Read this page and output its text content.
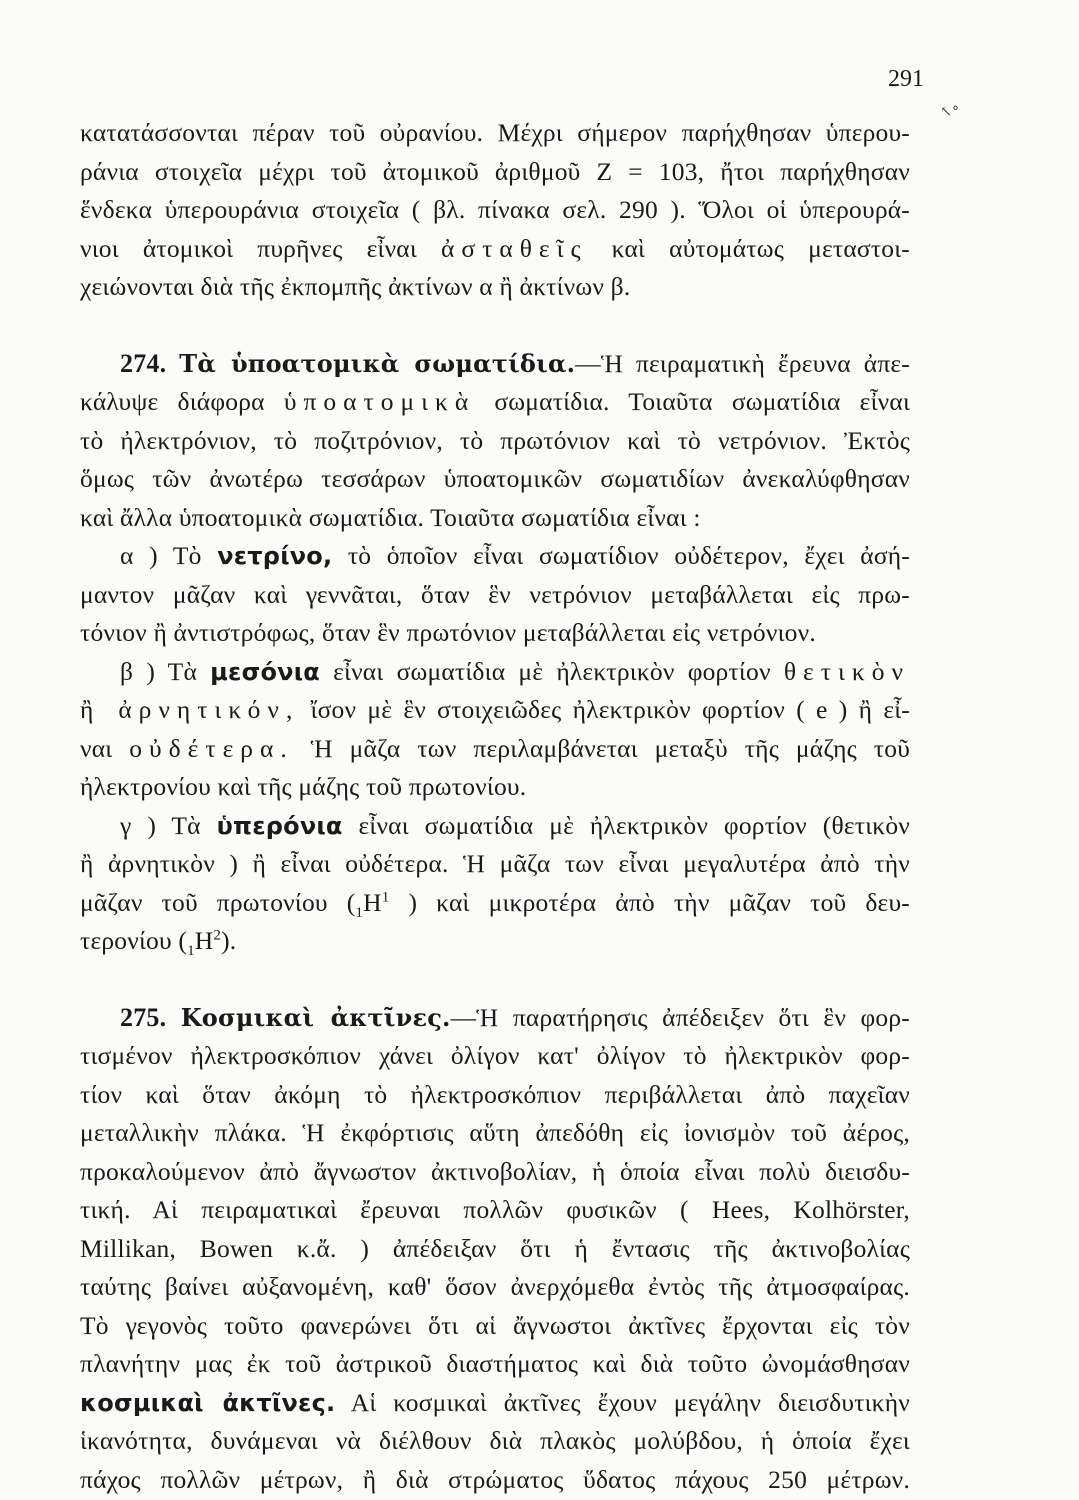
291
↖°

κατατάσσονται πέραν τοῦ οὐρανίου. Μέχρι σήμερον παρήχθησαν ὑπερου-
ράνια στοιχεῖα μέχρι τοῦ ἀτομικοῦ ἀριθμοῦ Ζ = 103, ἤτοι παρήχθησαν
ἕνδεκα ὑπερουράνια στοιχεῖα ( βλ. πίνακα σελ. 290 ). Ὅλοι οἱ ὑπερουρά-
νιοι ἀτομικοὶ πυρῆνες εἶναι ἀσταθεῖς καὶ αὐτομάτως μεταστοι-
χειώνονται διὰ τῆς ἐκπομπῆς ἀκτίνων α ἢ ἀκτίνων β.

274. Τὰ ὑποατομικὰ σωματίδια.—Ἡ πειραματικὴ ἔρευνα ἀπε-
κάλυψε διάφορα ὑποατομικὰ σωματίδια. Τοιαῦτα σωματίδια εἶναι
τὸ ἠλεκτρόνιον, τὸ ποζιτρόνιον, τὸ πρωτόνιον καὶ τὸ νετρόνιον. Ἐκτὸς
ὅμως τῶν ἀνωτέρω τεσσάρων ὑποατομικῶν σωματιδίων ἀνεκαλύφθησαν
καὶ ἄλλα ὑποατομικὰ σωματίδια. Τοιαῦτα σωματίδια εἶναι :
α ) Τὸ νετρίνο, τὸ ὁποῖον εἶναι σωματίδιον οὐδέτερον, ἔχει ἀσή-
μαντον μᾶζαν καὶ γεννᾶται, ὅταν ἓν νετρόνιον μεταβάλλεται εἰς πρω-
τόνιον ἢ ἀντιστρόφως, ὅταν ἓν πρωτόνιον μεταβάλλεται εἰς νετρόνιον.
β ) Τὰ μεσόνια εἶναι σωματίδια μὲ ἠλεκτρικὸν φορτίον θετικὸν
ἢ ἀρνητικόν, ἴσον μὲ ἓν στοιχειῶδες ἠλεκτρικὸν φορτίον ( e ) ἢ εἶ-
ναι οὐδέτερα. Ἡ μᾶζα των περιλαμβάνεται μεταξὺ τῆς μάζης τοῦ
ἠλεκτρονίου καὶ τῆς μάζης τοῦ πρωτονίου.
γ ) Τὰ ὑπερόνια εἶναι σωματίδια μὲ ἠλεκτρικὸν φορτίον (θετικὸν
ἢ ἀρνητικὸν ) ἢ εἶναι οὐδέτερα. Ἡ μᾶζα των εἶναι μεγαλυτέρα ἀπὸ τὴν
μᾶζαν τοῦ πρωτονίου ($_1H^1$ ) καὶ μικροτέρα ἀπὸ τὴν μᾶζαν τοῦ δευ-
τερονίου $(_1H^2)$.

275. Κοσμικαὶ ἀκτῖνες.—Ἡ παρατήρησις ἀπέδειξεν ὅτι ἓν φορ-
τισμένον ἠλεκτροσκόπιον χάνει ὀλίγον κατ' ὀλίγον τὸ ἠλεκτρικὸν φορ-
τίον καὶ ὅταν ἀκόμη τὸ ἠλεκτροσκόπιον περιβάλλεται ἀπὸ παχεῖαν
μεταλλικὴν πλάκα. Ἡ ἐκφόρτισις αὕτη ἀπεδόθη εἰς ἰονισμὸν τοῦ ἀέρος,
προκαλούμενον ἀπὸ ἄγνωστον ἀκτινοβολίαν, ἡ ὁποία εἶναι πολὺ διεισδυ-
τική. Αἱ πειραματικαὶ ἔρευναι πολλῶν φυσικῶν ( Hees, Kolhörster,
Millikan, Bowen κ.ἄ. ) ἀπέδειξαν ὅτι ἡ ἔντασις τῆς ἀκτινοβολίας
ταύτης βαίνει αὐξανομένη, καθ' ὅσον ἀνερχόμεθα ἐντὸς τῆς ἀτμοσφαίρας.
Τὸ γεγονὸς τοῦτο φανερώνει ὅτι αἱ ἄγνωστοι ἀκτῖνες ἔρχονται εἰς τὸν
πλανήτην μας ἐκ τοῦ ἀστρικοῦ διαστήματος καὶ διὰ τοῦτο ὠνομάσθησαν
κοσμικαὶ ἀκτῖνες. Αἱ κοσμικαὶ ἀκτῖνες ἔχουν μεγάλην διεισδυτικὴν
ἱκανότητα, δυνάμεναι νὰ διέλθουν διὰ πλακὸς μολύβδου, ἡ ὁποία ἔχει
πάχος πολλῶν μέτρων, ἢ διὰ στρώματος ὕδατος πάχους 250 μέτρων.
